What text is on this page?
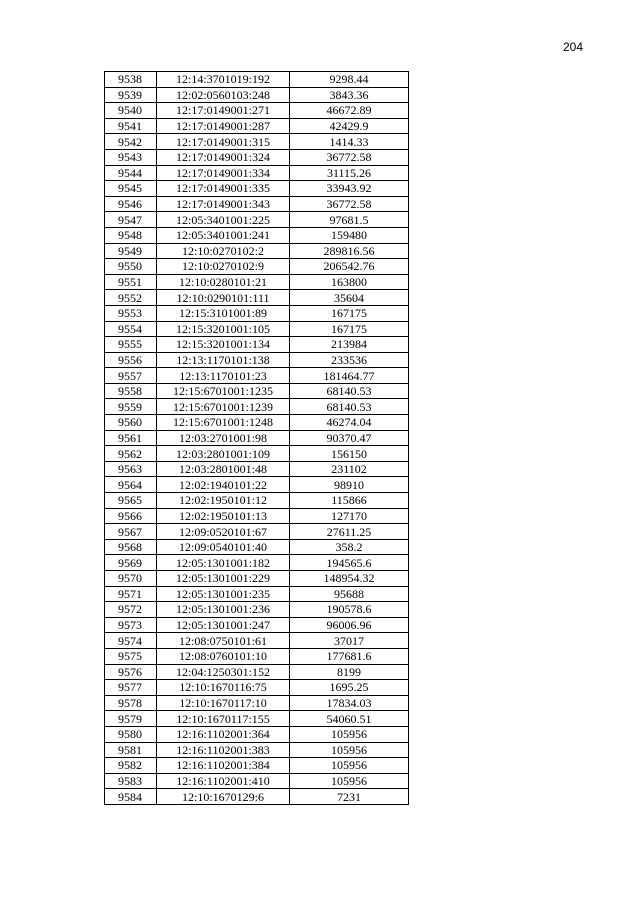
204
9538	12:14:3701019:192	9298.44
9539	12:02:0560103:248	3843.36
9540	12:17:0149001:271	46672.89
9541	12:17:0149001:287	42429.9
9542	12:17:0149001:315	1414.33
9543	12:17:0149001:324	36772.58
9544	12:17:0149001:334	31115.26
9545	12:17:0149001:335	33943.92
9546	12:17:0149001:343	36772.58
9547	12:05:3401001:225	97681.5
9548	12:05:3401001:241	159480
9549	12:10:0270102:2	289816.56
9550	12:10:0270102:9	206542.76
9551	12:10:0280101:21	163800
9552	12:10:0290101:111	35604
9553	12:15:3101001:89	167175
9554	12:15:3201001:105	167175
9555	12:15:3201001:134	213984
9556	12:13:1170101:138	233536
9557	12:13:1170101:23	181464.77
9558	12:15:6701001:1235	68140.53
9559	12:15:6701001:1239	68140.53
9560	12:15:6701001:1248	46274.04
9561	12:03:2701001:98	90370.47
9562	12:03:2801001:109	156150
9563	12:03:2801001:48	231102
9564	12:02:1940101:22	98910
9565	12:02:1950101:12	115866
9566	12:02:1950101:13	127170
9567	12:09:0520101:67	27611.25
9568	12:09:0540101:40	358.2
9569	12:05:1301001:182	194565.6
9570	12:05:1301001:229	148954.32
9571	12:05:1301001:235	95688
9572	12:05:1301001:236	190578.6
9573	12:05:1301001:247	96006.96
9574	12:08:0750101:61	37017
9575	12:08:0760101:10	177681.6
9576	12:04:1250301:152	8199
9577	12:10:1670116:75	1695.25
9578	12:10:1670117:10	17834.03
9579	12:10:1670117:155	54060.51
9580	12:16:1102001:364	105956
9581	12:16:1102001:383	105956
9582	12:16:1102001:384	105956
9583	12:16:1102001:410	105956
9584	12:10:1670129:6	7231
